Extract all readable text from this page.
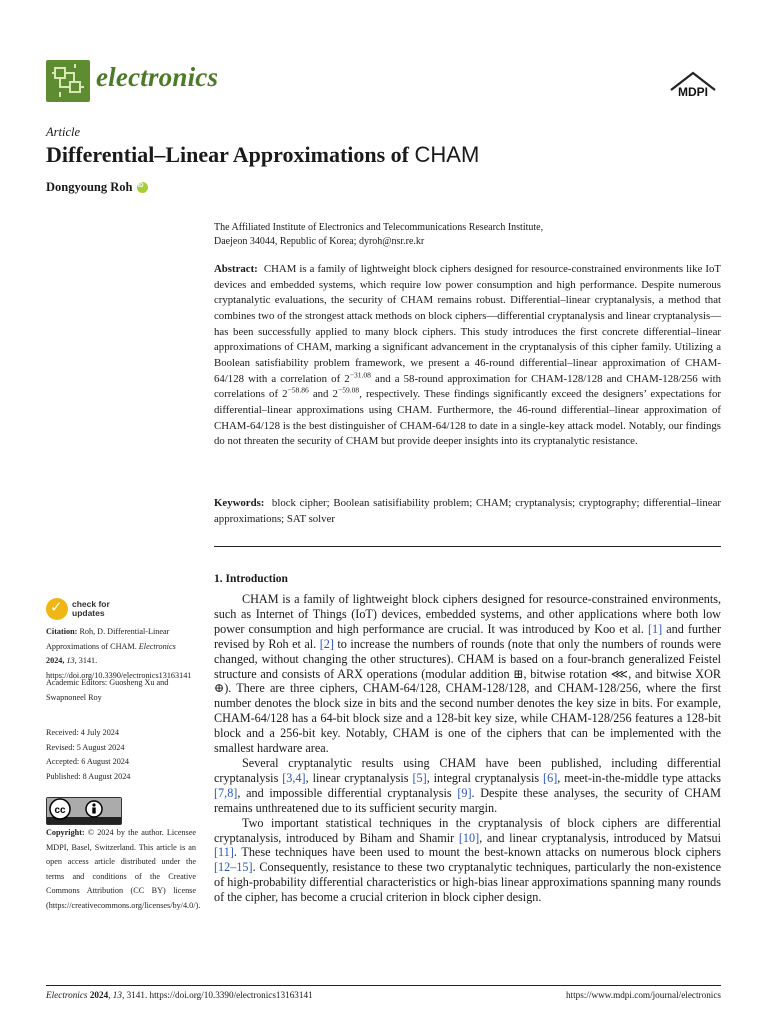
electronics	MDPI
Article
Differential–Linear Approximations of CHAM
Dongyoung Roh
iD
The Affiliated Institute of Electronics and Telecommunications Research Institute,
Daejeon 34044, Republic of Korea; dyroh@nsr.re.kr
Abstract: CHAM is a family of lightweight block ciphers designed for resource-constrained environments like IoT devices and embedded systems, which require low power consumption and high performance. Despite numerous cryptanalytic evaluations, the security of CHAM remains robust. Differential–linear cryptanalysis, a method that combines two of the strongest attack methods on block ciphers—differential cryptanalysis and linear cryptanalysis—has been successfully applied to many block ciphers. This study introduces the first concrete differential–linear approximations of CHAM, marking a significant advancement in the cryptanalysis of this cipher family. Utilizing a Boolean satisfiability problem framework, we present a 46-round differential–linear approximation of CHAM-64/128 with a correlation of $2^{-31.08}$ and a 58-round approximation for CHAM-128/128 and CHAM-128/256 with correlations of $2^{-58.86}$ and $2^{-59.08}$, respectively. These findings significantly exceed the designers’ expectations for differential–linear approximations using CHAM. Furthermore, the 46-round differential–linear approximation of CHAM-64/128 is the best distinguisher of CHAM-64/128 to date in a single-key attack model. Notably, our findings do not threaten the security of CHAM but provide deeper insights into its cryptanalytic resistance.
Keywords: block cipher; Boolean satisifiability problem; CHAM; cryptanalysis; cryptography; differential–linear approximations; SAT solver
1. Introduction

CHAM is a family of lightweight block ciphers designed for resource-constrained environments, such as Internet of Things (IoT) devices, embedded systems, and other applications where both low power consumption and high performance are crucial. It was introduced by Koo et al. [1] and further revised by Roh et al. [2] to increase the numbers of rounds (note that only the numbers of rounds were changed, without changing the other structures). CHAM is based on a four-branch generalized Feistel structure and consists of ARX operations (modular addition ⊞, bitwise rotation ⋘, and bitwise XOR ⊕). There are three ciphers, CHAM-64/128, CHAM-128/128, and CHAM-128/256, where the first number denotes the block size in bits and the second number denotes the key size in bits. For example, CHAM-64/128 has a 64-bit block size and a 128-bit key size, while CHAM-128/256 features a 128-bit block and a 256-bit key. Notably, CHAM is one of the ciphers that can be implemented with the smallest hardware area.

Several cryptanalytic results using CHAM have been published, including differential cryptanalysis [3,4], linear cryptanalysis [5], integral cryptanalysis [6], meet-in-the-middle type attacks [7,8], and impossible differential cryptanalysis [9]. Despite these analyses, the security of CHAM remains unthreatened due to its sufficient security margin.

Two important statistical techniques in the cryptanalysis of block ciphers are differential cryptanalysis, introduced by Biham and Shamir [10], and linear cryptanalysis, introduced by Matsui [11]. These techniques have been used to mount the best-known attacks on numerous block ciphers [12–15]. Consequently, resistance to these two cryptanalytic techniques, particularly the non-existence of high-probability differential characteristics or high-bias linear approximations spanning many rounds of the cipher, has become a crucial criterion in block cipher design.

✓
check for
updates
Citation: Roh, D. Differential-Linear Approximations of CHAM. Electronics 2024, 13, 3141. https://doi.org/10.3390/electronics13163141
Academic Editors: Guosheng Xu and Swapnoneel Roy
Received: 4 July 2024
Revised: 5 August 2024
Accepted: 6 August 2024
Published: 8 August 2024
cc
Copyright: © 2024 by the author. Licensee MDPI, Basel, Switzerland. This article is an open access article distributed under the terms and conditions of the Creative Commons Attribution (CC BY) license (https://creativecommons.org/licenses/by/4.0/).
Electronics 2024, 13, 3141. https://doi.org/10.3390/electronics13163141	https://www.mdpi.com/journal/electronics
